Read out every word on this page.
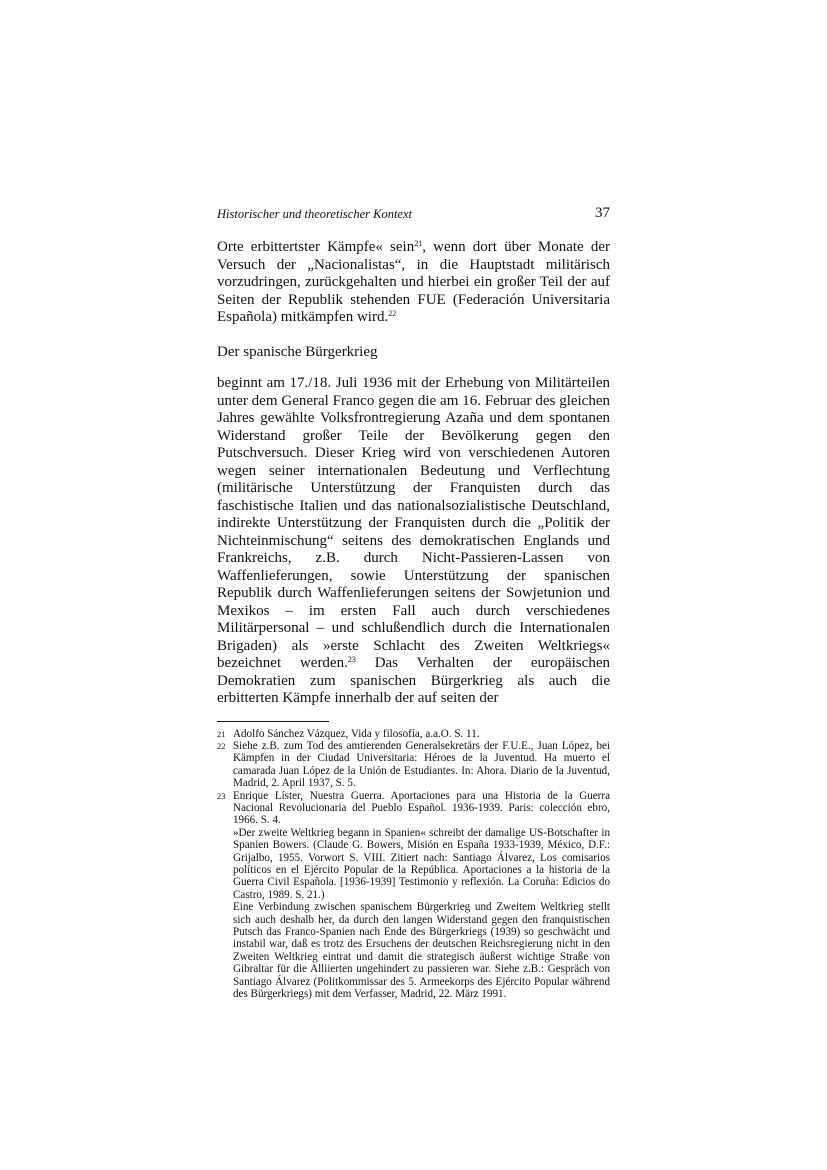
Historischer und theoretischer Kontext	37

Orte erbittertster Kämpfe« sein$^{21}$, wenn dort über Monate der Versuch der „Nacionalistas“, in die Hauptstadt militärisch vorzudringen, zurückgehalten und hierbei ein großer Teil der auf Seiten der Republik stehenden FUE (Federación Universitaria Española) mitkämpfen wird.$^{22}$

Der spanische Bürgerkrieg

beginnt am 17./18. Juli 1936 mit der Erhebung von Militärteilen unter dem General Franco gegen die am 16. Februar des gleichen Jahres gewählte Volksfrontregierung Azaña und dem spontanen Widerstand großer Teile der Bevölkerung gegen den Putschversuch. Dieser Krieg wird von verschiedenen Autoren wegen seiner internationalen Bedeutung und Verflechtung (militärische Unterstützung der Franquisten durch das faschistische Italien und das nationalsozialistische Deutschland, indirekte Unterstützung der Franquisten durch die „Politik der Nichteinmischung“ seitens des demokratischen Englands und Frankreichs, z.B. durch Nicht-Passieren-Lassen von Waffenlieferungen, sowie Unterstützung der spanischen Republik durch Waffenlieferungen seitens der Sowjetunion und Mexikos – im ersten Fall auch durch verschiedenes Militärpersonal – und schlußendlich durch die Internationalen Brigaden) als »erste Schlacht des Zweiten Weltkriegs« bezeichnet werden.$^{23}$ Das Verhalten der europäischen Demokratien zum spanischen Bürgerkrieg als auch die erbitterten Kämpfe innerhalb der auf seiten der

21 Adolfo Sánchez Vázquez, Vida y filosofía, a.a.O. S. 11.

22 Siehe z.B. zum Tod des amtierenden Generalsekretärs der F.U.E., Juan López, bei Kämpfen in der Ciudad Universitaria: Héroes de la Juventud. Ha muerto el camarada Juan López de la Unión de Estudiantes. In: Ahora. Diario de la Juventud, Madrid, 2. April 1937, S. 5.

23 Enrique Líster, Nuestra Guerra. Aportaciones para una Historia de la Guerra Nacional Revolucionaria del Pueblo Español. 1936-1939. Paris: colección ebro, 1966. S. 4.

»Der zweite Weltkrieg begann in Spanien« schreibt der damalige US-Botschafter in Spanien Bowers. (Claude G. Bowers, Misión en España 1933-1939, México, D.F.: Grijalbo, 1955. Vorwort S. VIII. Zitiert nach: Santiago Álvarez, Los comisarios políticos en el Ejército Popular de la República. Aportaciones a la historia de la Guerra Civil Española. [1936-1939] Testimonio y reflexión. La Coruña: Edicios do Castro, 1989. S. 21.)

Eine Verbindung zwischen spanischem Bürgerkrieg und Zweitem Weltkrieg stellt sich auch deshalb her, da durch den langen Widerstand gegen den franquistischen Putsch das Franco-Spanien nach Ende des Bürgerkriegs (1939) so geschwächt und instabil war, daß es trotz des Ersuchens der deutschen Reichsregierung nicht in den Zweiten Weltkrieg eintrat und damit die strategisch äußerst wichtige Straße von Gibraltar für die Alliierten ungehindert zu passieren war. Siehe z.B.: Gespräch von Santiago Álvarez (Politkommissar des 5. Armeekorps des Ejército Popular während des Bürgerkriegs) mit dem Verfasser, Madrid, 22. März 1991.
